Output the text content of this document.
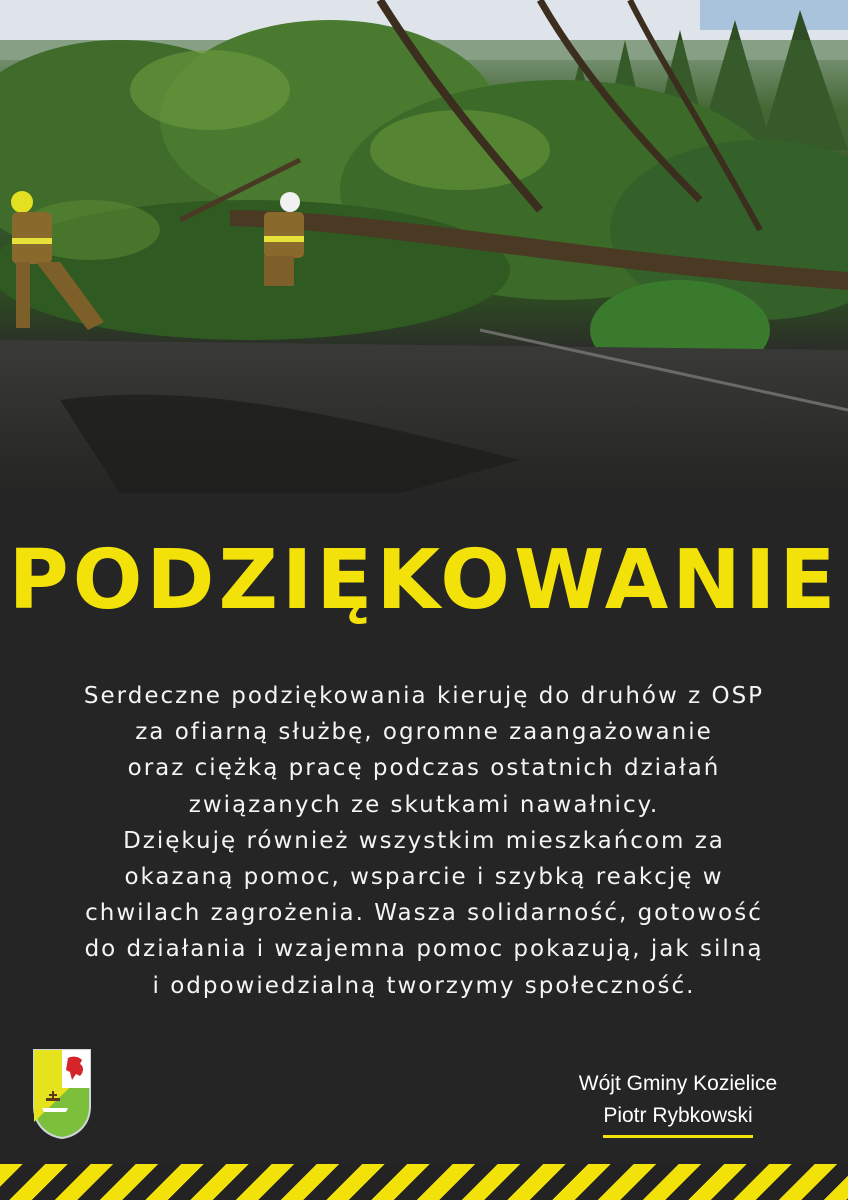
PODZIĘKOWANIE

Serdeczne podziękowania kieruję do druhów z OSP
za ofiarną służbę, ogromne zaangażowanie
oraz ciężką pracę podczas ostatnich działań
związanych ze skutkami nawałnicy.
Dziękuję również wszystkim mieszkańcom za
okazaną pomoc, wsparcie i szybką reakcję w
chwilach zagrożenia. Wasza solidarność, gotowość
do działania i wzajemna pomoc pokazują, jak silną
i odpowiedzialną tworzymy społeczność.

Wójt Gminy Kozielice
Piotr Rybkowski
